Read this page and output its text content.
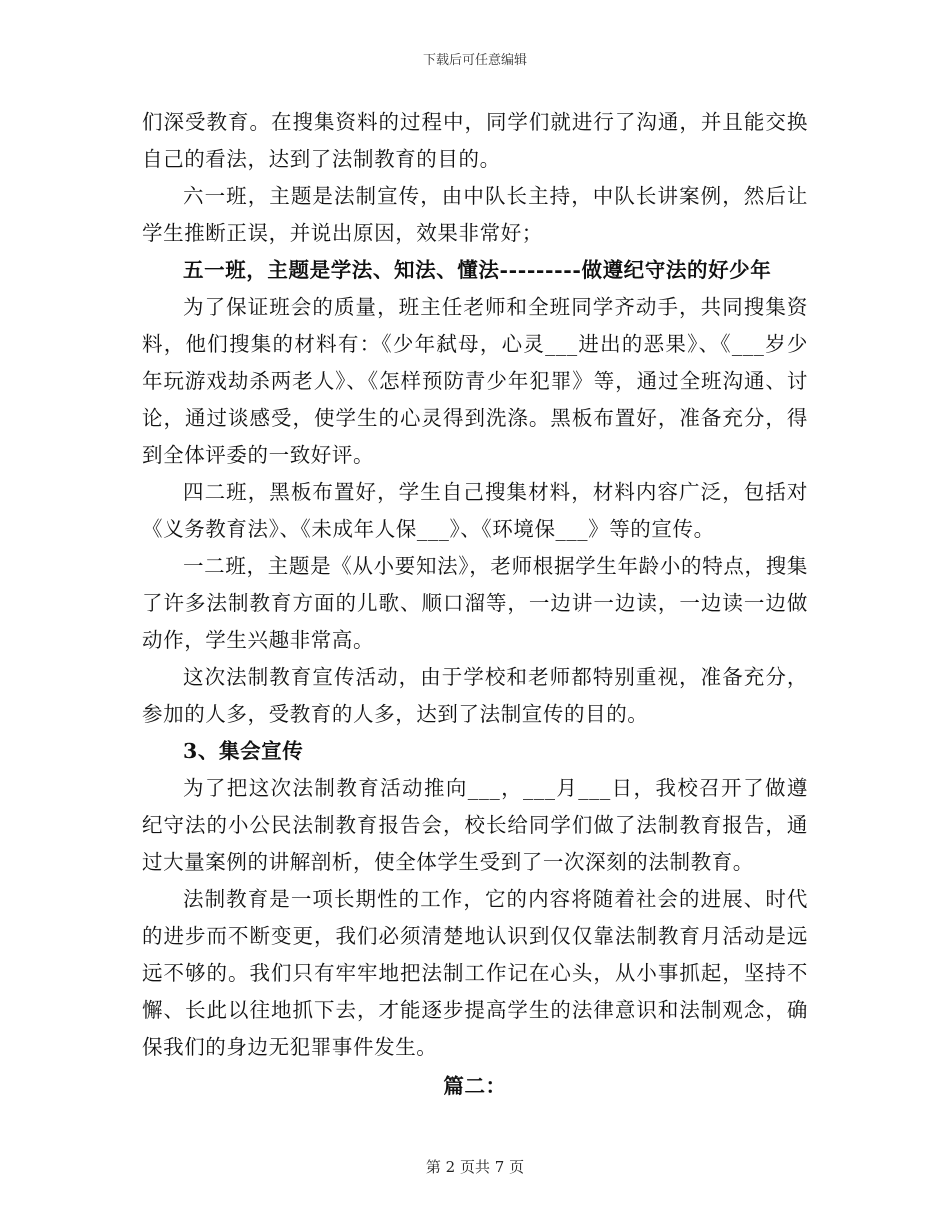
下载后可任意编辑

们深受教育。在搜集资料的过程中，同学们就进行了沟通，并且能交换自己的看法，达到了法制教育的目的。

六一班，主题是法制宣传，由中队长主持，中队长讲案例，然后让学生推断正误，并说出原因，效果非常好；

五一班，主题是学法、知法、懂法---------做遵纪守法的好少年

为了保证班会的质量，班主任老师和全班同学齐动手，共同搜集资料，他们搜集的材料有：《少年弑母，心灵___进出的恶果》、《___岁少年玩游戏劫杀两老人》、《怎样预防青少年犯罪》等，通过全班沟通、讨论，通过谈感受，使学生的心灵得到洗涤。黑板布置好，准备充分，得到全体评委的一致好评。

四二班，黑板布置好，学生自己搜集材料，材料内容广泛，包括对《义务教育法》、《未成年人保___》、《环境保___》等的宣传。

一二班，主题是《从小要知法》，老师根据学生年龄小的特点，搜集了许多法制教育方面的儿歌、顺口溜等，一边讲一边读，一边读一边做动作，学生兴趣非常高。

这次法制教育宣传活动，由于学校和老师都特别重视，准备充分，参加的人多，受教育的人多，达到了法制宣传的目的。

3、集会宣传

为了把这次法制教育活动推向___，___月___日，我校召开了做遵纪守法的小公民法制教育报告会，校长给同学们做了法制教育报告，通过大量案例的讲解剖析，使全体学生受到了一次深刻的法制教育。

法制教育是一项长期性的工作，它的内容将随着社会的进展、时代的进步而不断变更，我们必须清楚地认识到仅仅靠法制教育月活动是远远不够的。我们只有牢牢地把法制工作记在心头，从小事抓起，坚持不懈、长此以往地抓下去，才能逐步提高学生的法律意识和法制观念，确保我们的身边无犯罪事件发生。

篇二：

第 2 页共 7 页
